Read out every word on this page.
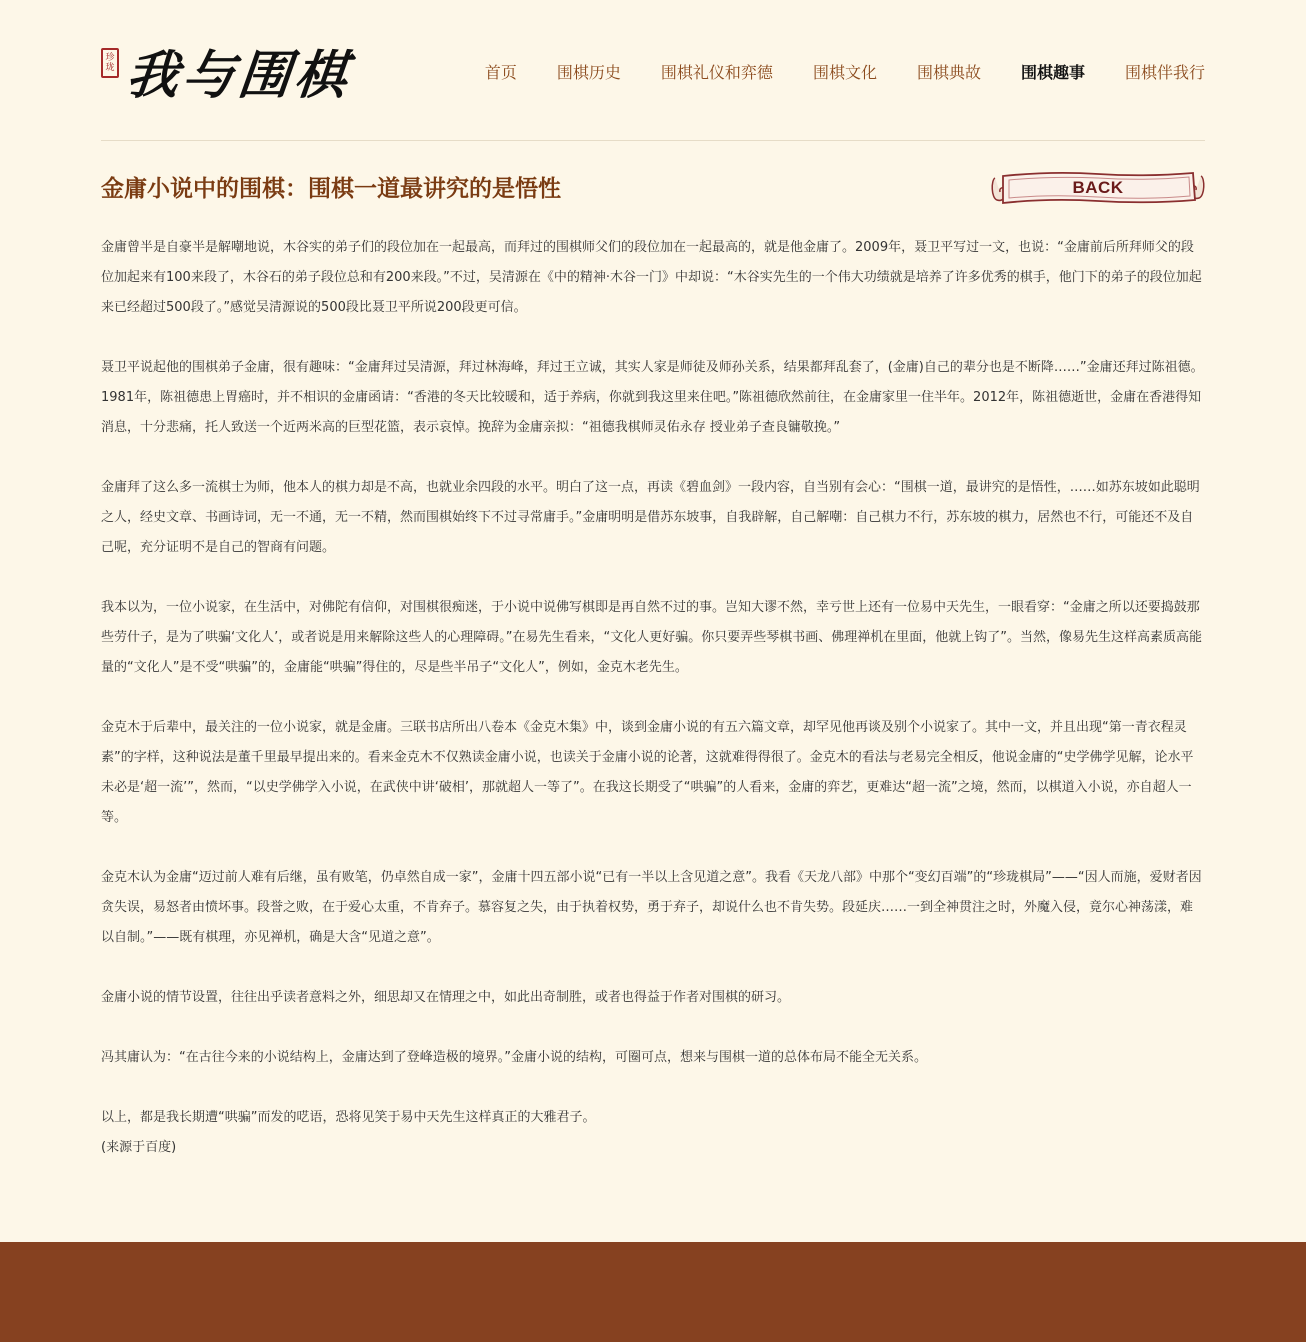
珍珑 我与围棋	首页	围棋历史	围棋礼仪和弈德	围棋文化	围棋典故	围棋趣事	围棋伴我行
金庸小说中的围棋：围棋一道最讲究的是悟性	BACK

金庸曾半是自豪半是解嘲地说，木谷实的弟子们的段位加在一起最高，而拜过的围棋师父们的段位加在一起最高的，就是他金庸了。2009年，聂卫平写过一文，也说：“金庸前后所拜师父的段位加起来有100来段了，木谷石的弟子段位总和有200来段。”不过，吴清源在《中的精神·木谷一门》中却说：“木谷实先生的一个伟大功绩就是培养了许多优秀的棋手，他门下的弟子的段位加起来已经超过500段了。”感觉吴清源说的500段比聂卫平所说200段更可信。

聂卫平说起他的围棋弟子金庸，很有趣味：“金庸拜过吴清源，拜过林海峰，拜过王立诚，其实人家是师徒及师孙关系，结果都拜乱套了，(金庸)自己的辈分也是不断降……”金庸还拜过陈祖德。1981年，陈祖德患上胃癌时，并不相识的金庸函请：“香港的冬天比较暖和，适于养病，你就到我这里来住吧。”陈祖德欣然前往，在金庸家里一住半年。2012年，陈祖德逝世，金庸在香港得知消息，十分悲痛，托人致送一个近两米高的巨型花篮，表示哀悼。挽辞为金庸亲拟：“祖德我棋师灵佑永存 授业弟子查良镛敬挽。”

金庸拜了这么多一流棋士为师，他本人的棋力却是不高，也就业余四段的水平。明白了这一点，再读《碧血剑》一段内容，自当别有会心：“围棋一道，最讲究的是悟性，……如苏东坡如此聪明之人，经史文章、书画诗词，无一不通，无一不精，然而围棋始终下不过寻常庸手。”金庸明明是借苏东坡事，自我辟解，自己解嘲：自己棋力不行，苏东坡的棋力，居然也不行，可能还不及自己呢，充分证明不是自己的智商有问题。

我本以为，一位小说家，在生活中，对佛陀有信仰，对围棋很痴迷，于小说中说佛写棋即是再自然不过的事。岂知大谬不然，幸亏世上还有一位易中天先生，一眼看穿：“金庸之所以还要捣鼓那些劳什子，是为了哄骗‘文化人’，或者说是用来解除这些人的心理障碍。”在易先生看来，“文化人更好骗。你只要弄些琴棋书画、佛理禅机在里面，他就上钩了”。当然，像易先生这样高素质高能量的“文化人”是不受“哄骗”的，金庸能“哄骗”得住的，尽是些半吊子“文化人”，例如，金克木老先生。

金克木于后辈中，最关注的一位小说家，就是金庸。三联书店所出八卷本《金克木集》中，谈到金庸小说的有五六篇文章，却罕见他再谈及别个小说家了。其中一文，并且出现“第一青衣程灵素”的字样，这种说法是董千里最早提出来的。看来金克木不仅熟读金庸小说，也读关于金庸小说的论著，这就难得得很了。金克木的看法与老易完全相反，他说金庸的“史学佛学见解，论水平未必是‘超一流’”，然而，“以史学佛学入小说，在武侠中讲‘破相’，那就超人一等了”。在我这长期受了“哄骗”的人看来，金庸的弈艺，更难达“超一流”之境，然而，以棋道入小说，亦自超人一等。

金克木认为金庸“迈过前人难有后继，虽有败笔，仍卓然自成一家”，金庸十四五部小说“已有一半以上含见道之意”。我看《天龙八部》中那个“变幻百端”的“珍珑棋局”——“因人而施，爱财者因贪失误，易怒者由愤坏事。段誉之败，在于爱心太重，不肯弃子。慕容复之失，由于执着权势，勇于弃子，却说什么也不肯失势。段延庆……一到全神贯注之时，外魔入侵，竟尔心神荡漾，难以自制。”——既有棋理，亦见禅机，确是大含“见道之意”。

金庸小说的情节设置，往往出乎读者意料之外，细思却又在情理之中，如此出奇制胜，或者也得益于作者对围棋的研习。

冯其庸认为：“在古往今来的小说结构上，金庸达到了登峰造极的境界。”金庸小说的结构，可圈可点，想来与围棋一道的总体布局不能全无关系。

以上，都是我长期遭“哄骗”而发的呓语，恐将见笑于易中天先生这样真正的大雅君子。

(来源于百度)
